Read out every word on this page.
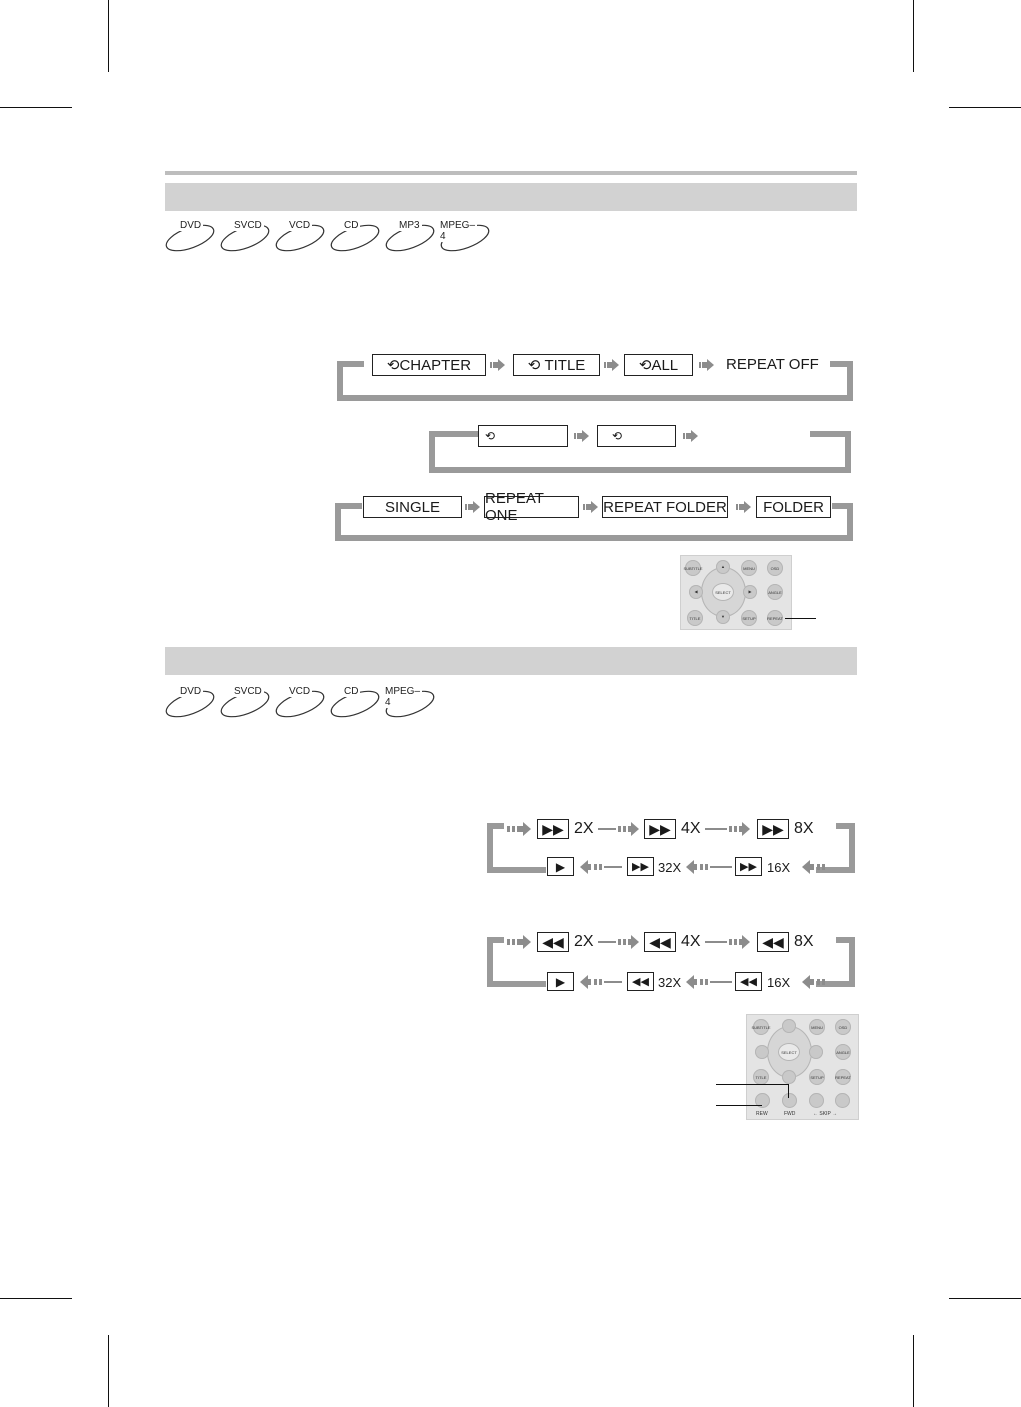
DVD	SVCD	VCD	CD	MP3 MPEG–4
⟲ CHAPTER	⟲ TITLE	⟲ ALL	REPEAT OFF
⟲	⟲
SINGLE	REPEAT ONE	REPEAT FOLDER	FOLDER
SUBTITLE	▲	MENU	OSD
◀	SELECT	▶	ANGLE
TITLE	▼	SETUP	REPEAT
DVD	SVCD	VCD	CD	MPEG–4
▶▶ 2X	▶▶ 4X	▶▶ 8X
▶	▶▶ 32X	▶▶ 16X
◀◀ 2X	◀◀ 4X	◀◀ 8X
▶	◀◀ 32X	◀◀ 16X
SUBTITLE	MENU	OSD
SELECT	ANGLE
TITLE	SETUP	REPEAT
REW	FWD	← SKIP →
